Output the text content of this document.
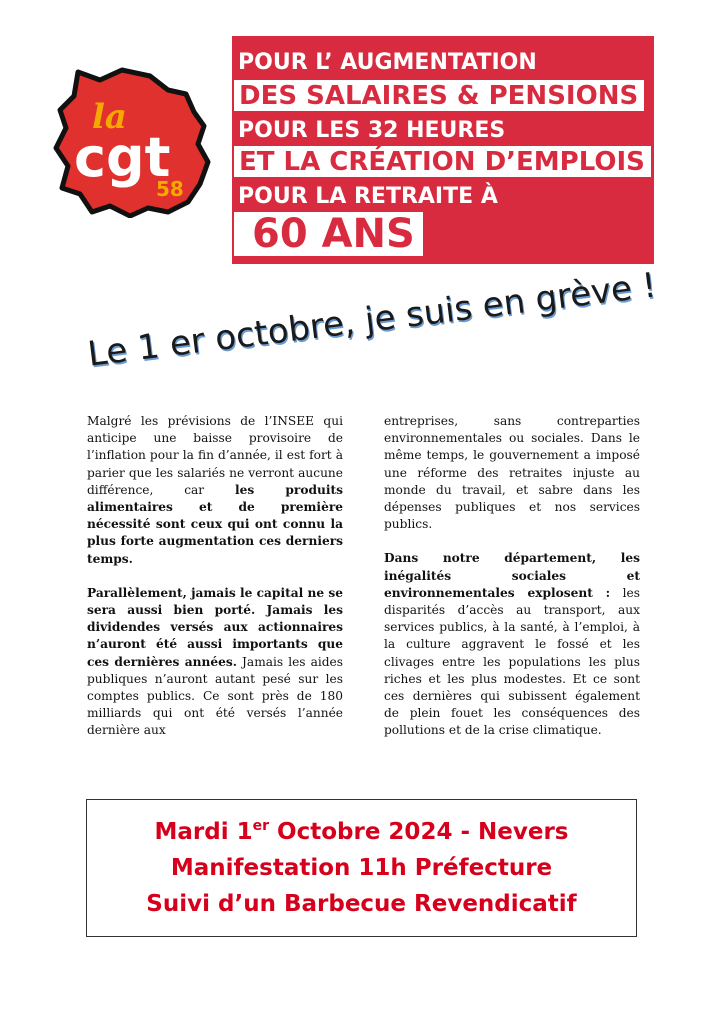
la
cgt
58
POUR L’ AUGMENTATION
DES SALAIRES & PENSIONS
POUR LES 32 HEURES
ET LA CRÉATION D’EMPLOIS
POUR LA RETRAITE À
60 ANS
Le 1 er octobre, je suis en grève !

Malgré les prévisions de l’INSEE qui anticipe une baisse provisoire de l’inflation pour la fin d’année, il est fort à parier que les salariés ne verront aucune différence, car les produits alimentaires et de première nécessité sont ceux qui ont connu la plus forte augmentation ces derniers temps.

Parallèlement, jamais le capital ne se sera aussi bien porté. Jamais les dividendes versés aux actionnaires n’auront été aussi importants que ces dernières années. Jamais les aides publiques n’auront autant pesé sur les comptes publics. Ce sont près de 180 milliards qui ont été versés l’année dernière aux

entreprises, sans contreparties environnementales ou sociales. Dans le même temps, le gouvernement a imposé une réforme des retraites injuste au monde du travail, et sabre dans les dépenses publiques et nos services publics.

Dans notre département, les inégalités sociales et environnementales explosent : les disparités d’accès au transport, aux services publics, à la santé, à l’emploi, à la culture aggravent le fossé et les clivages entre les populations les plus riches et les plus modestes. Et ce sont ces dernières qui subissent également de plein fouet les conséquences des pollutions et de la crise climatique.

Mardi 1er Octobre 2024 - Nevers
Manifestation 11h Préfecture
Suivi d’un Barbecue Revendicatif
